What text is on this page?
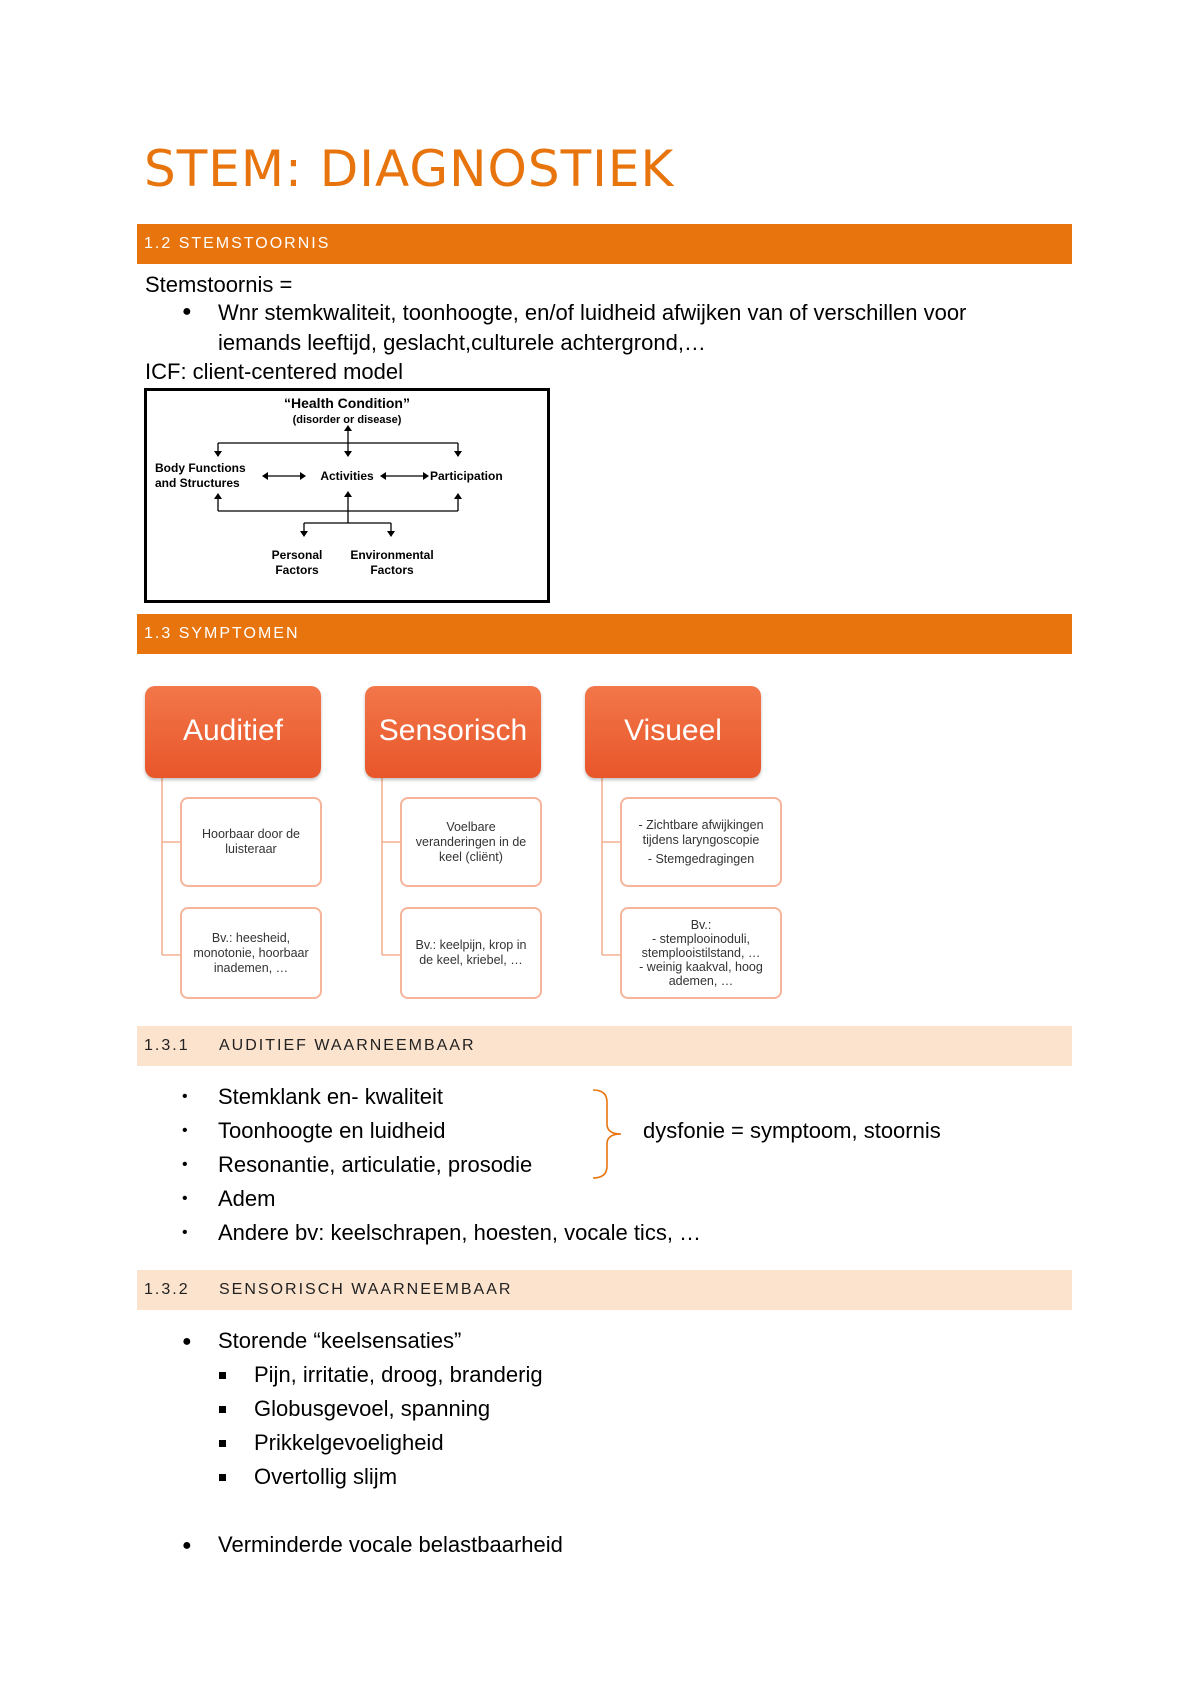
STEM: DIAGNOSTIEK
1.2 STEMSTOORNIS
Stemstoornis =
● Wnr stemkwaliteit, toonhoogte, en/of luidheid afwijken van of verschillen voor
iemands leeftijd, geslacht,culturele achtergrond,…
ICF: client-centered model
“Health Condition”
(disorder or disease)
Body Functions
and Structures	Activities	Participation
Personal
Factors
Environmental
Factors
1.3 SYMPTOMEN
Auditief	Sensorisch	Visueel
Hoorbaar door de
luisteraar
Bv.: heesheid,
monotonie, hoorbaar
inademen, …
Voelbare
veranderingen in de
keel (cliënt)
Bv.: keelpijn, krop in
de keel, kriebel, …
- Zichtbare afwijkingen
tijdens laryngoscopie
- Stemgedragingen
Bv.:
- stemplooinoduli,
stemplooistilstand, …
- weinig kaakval, hoog
ademen, …
1.3.1 AUDITIEF WAARNEEMBAAR
• Stemklank en- kwaliteit
• Toonhoogte en luidheid
• Resonantie, articulatie, prosodie
• Adem
• Andere bv: keelschrapen, hoesten, vocale tics, …
dysfonie = symptoom, stoornis
1.3.2 SENSORISCH WAARNEEMBAAR
● Storende “keelsensaties”
Pijn, irritatie, droog, branderig
Globusgevoel, spanning
Prikkelgevoeligheid
Overtollig slijm
● Verminderde vocale belastbaarheid
